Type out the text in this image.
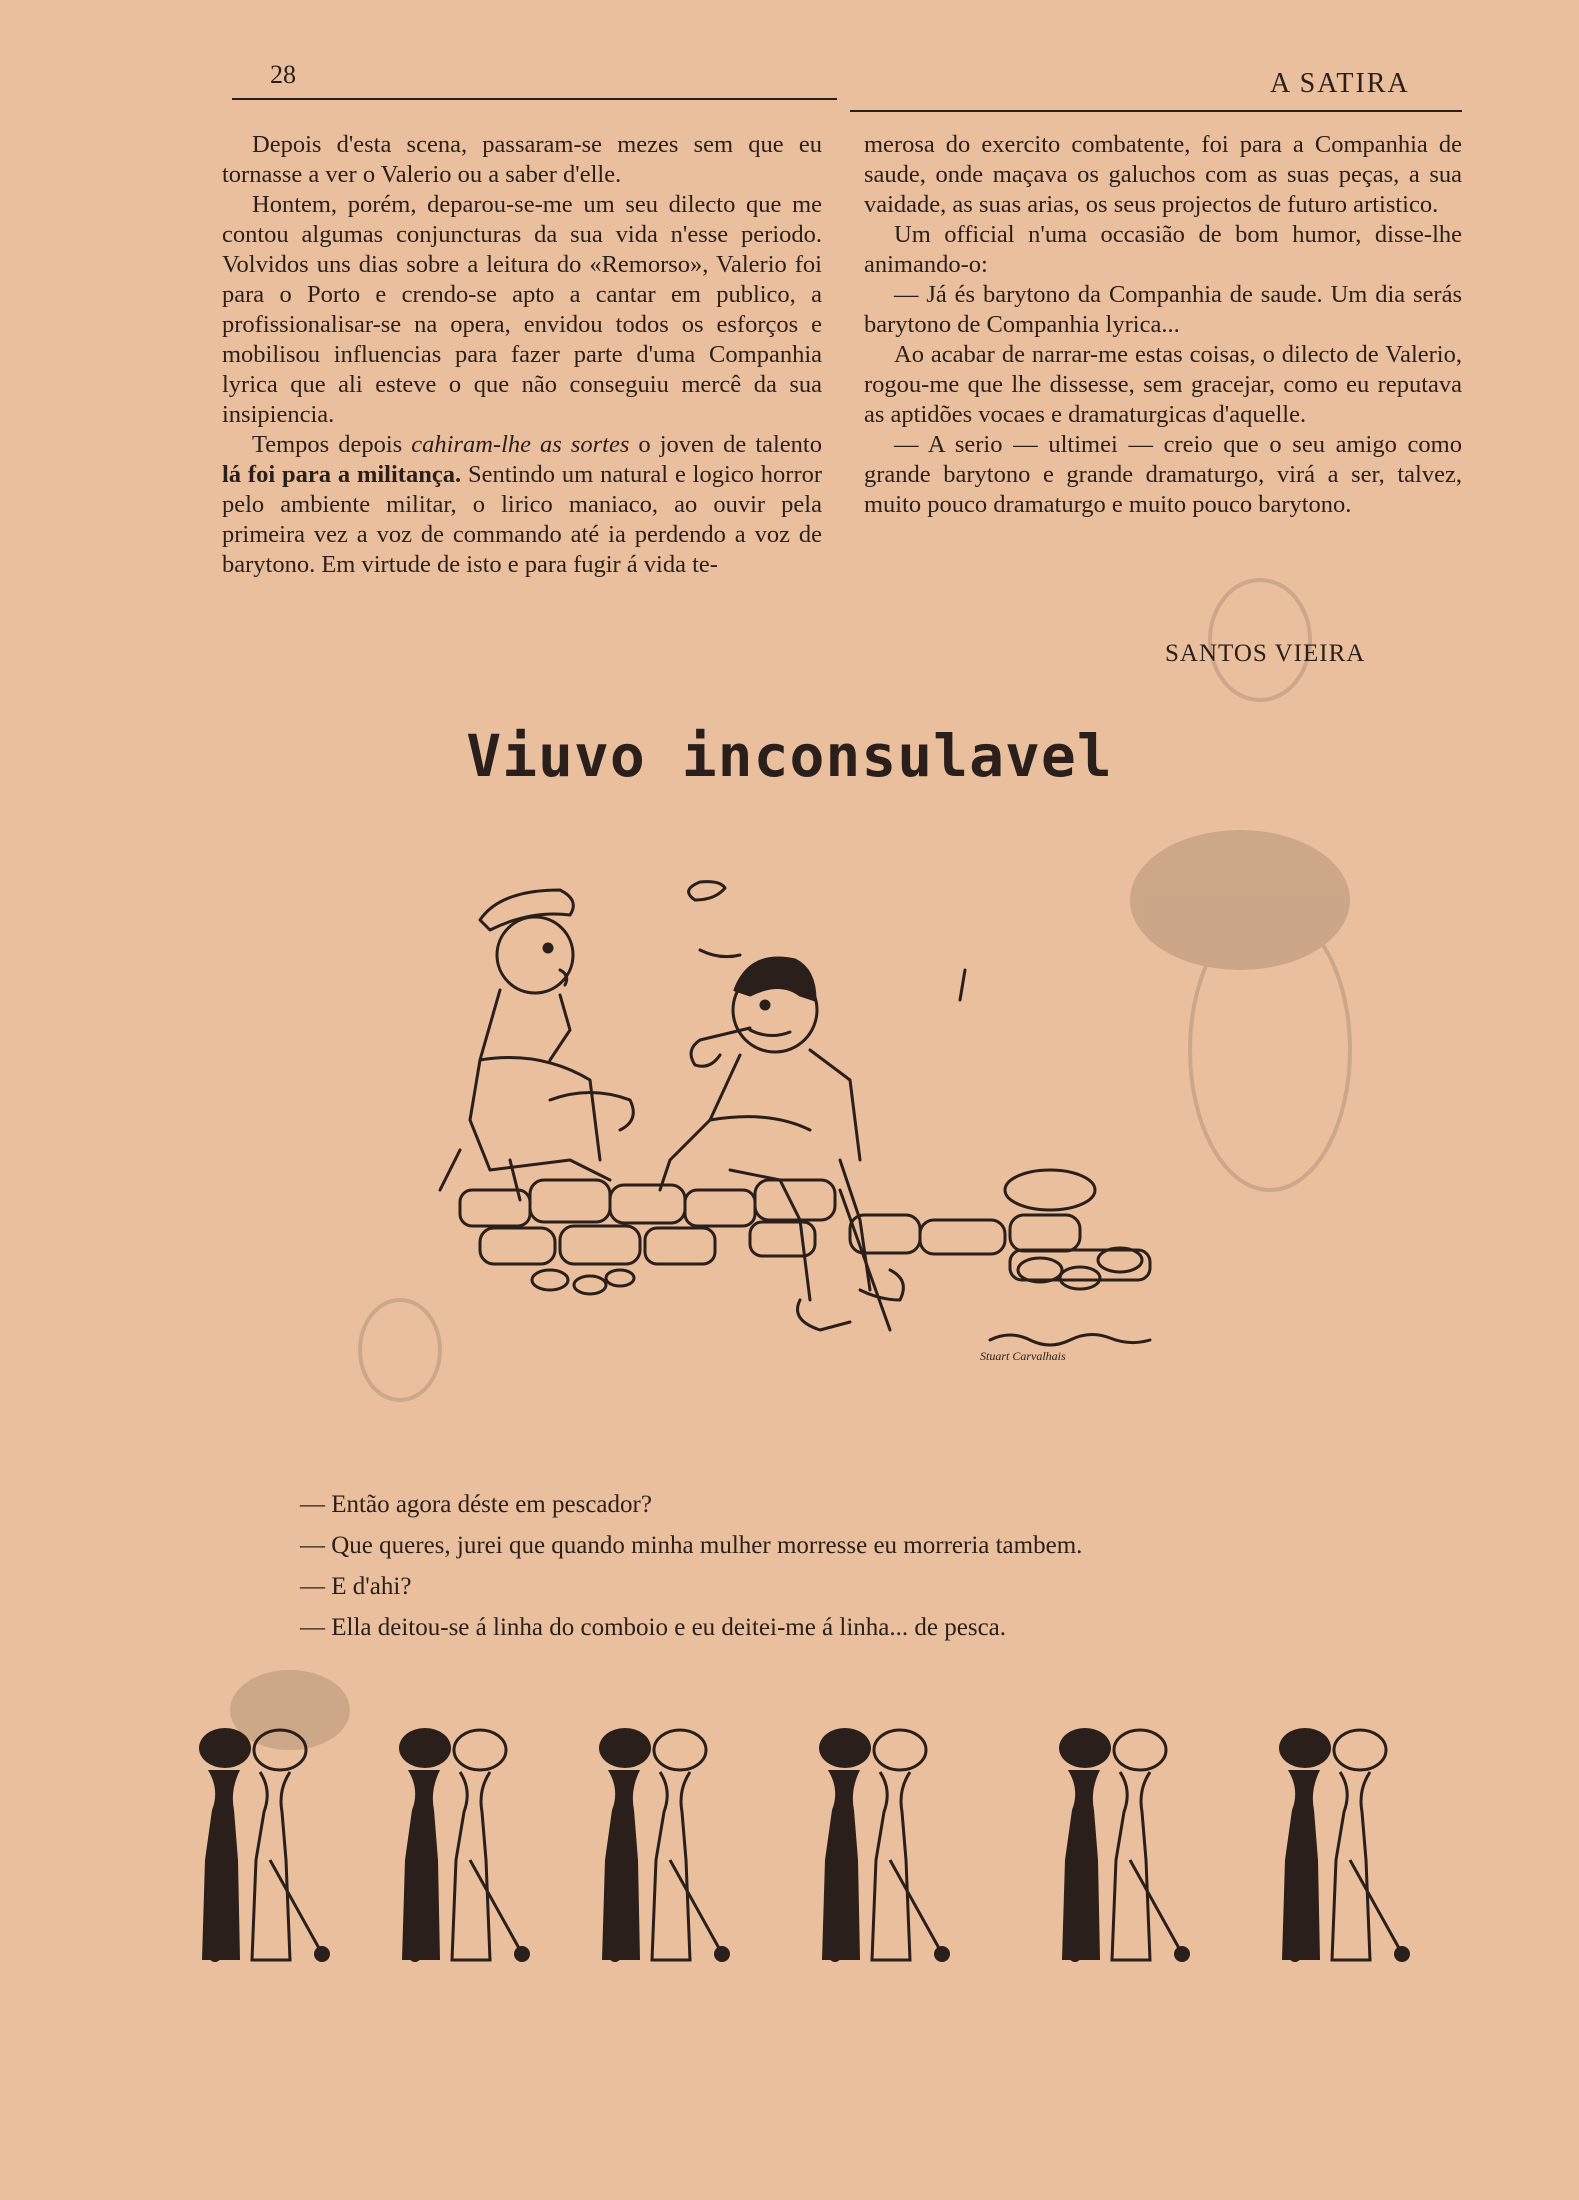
28	A SATIRA

Depois d'esta scena, passaram-se mezes sem que eu tornasse a ver o Valerio ou a saber d'elle.

Hontem, porém, deparou-se-me um seu dilecto que me contou algumas conjuncturas da sua vida n'esse periodo. Volvidos uns dias sobre a leitura do «Remorso», Valerio foi para o Porto e crendo-se apto a cantar em publico, a profissionalisar-se na opera, envidou todos os esforços e mobilisou influencias para fazer parte d'uma Companhia lyrica que ali esteve o que não conseguiu mercê da sua insipiencia.

Tempos depois cahiram-lhe as sortes o joven de talento lá foi para a militança. Sentindo um natural e logico horror pelo ambiente militar, o lirico maniaco, ao ouvir pela primeira vez a voz de commando até ia perdendo a voz de barytono. Em virtude de isto e para fugir á vida te-

merosa do exercito combatente, foi para a Companhia de saude, onde maçava os galuchos com as suas peças, a sua vaidade, as suas arias, os seus projectos de futuro artistico.

Um official n'uma occasião de bom humor, disse-lhe animando-o:

— Já és barytono da Companhia de saude. Um dia serás barytono de Companhia lyrica...

Ao acabar de narrar-me estas coisas, o dilecto de Valerio, rogou-me que lhe dissesse, sem gracejar, como eu reputava as aptidões vocaes e dramaturgicas d'aquelle.

— A serio — ultimei — creio que o seu amigo como grande barytono e grande dramaturgo, virá a ser, talvez, muito pouco dramaturgo e muito pouco barytono.

SANTOS VIEIRA
Viuvo inconsulavel
Stuart Carvalhais
— Então agora déste em pescador?
— Que queres, jurei que quando minha mulher morresse eu morreria tambem.
— E d'ahi?
— Ella deitou-se á linha do comboio e eu deitei-me á linha... de pesca.
